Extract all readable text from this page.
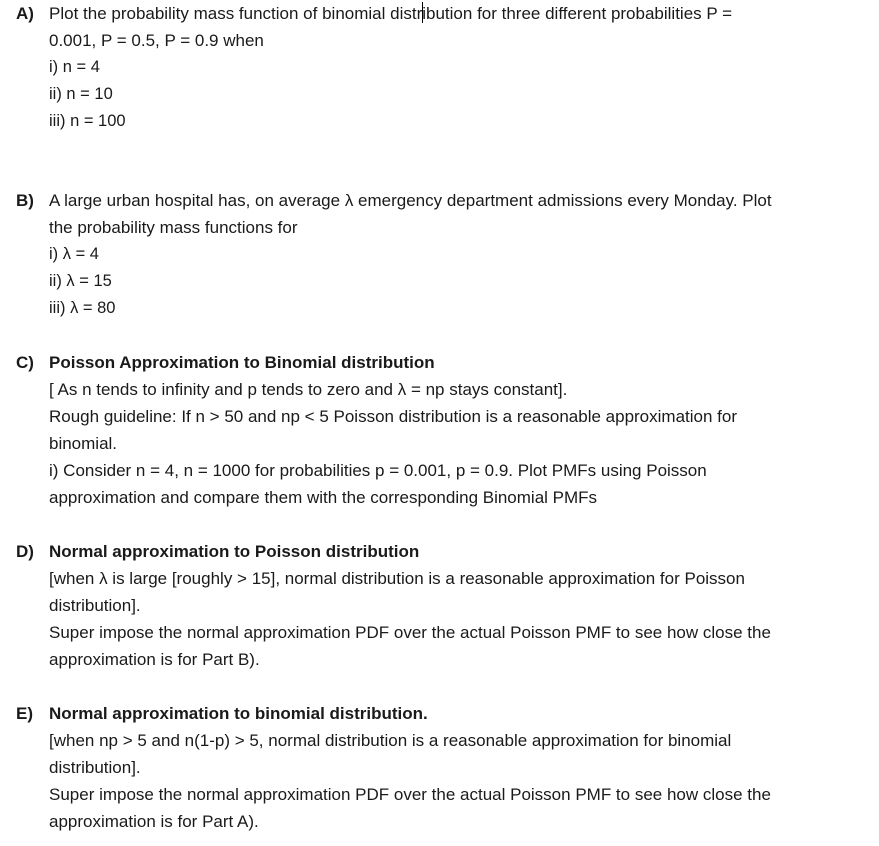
A) Plot the probability mass function of binomial distribution for three different probabilities P =
0.001, P = 0.5, P = 0.9 when
i) n = 4
ii) n = 10
iii) n = 100
B) A large urban hospital has, on average λ emergency department admissions every Monday. Plot
the probability mass functions for
i) λ = 4
ii) λ = 15
iii) λ = 80
C) Poisson Approximation to Binomial distribution
[ As n tends to infinity and p tends to zero and λ = np stays constant].
Rough guideline: If n > 50 and np < 5 Poisson distribution is a reasonable approximation for
binomial.
i) Consider n = 4, n = 1000 for probabilities p = 0.001, p = 0.9. Plot PMFs using Poisson
approximation and compare them with the corresponding Binomial PMFs
D) Normal approximation to Poisson distribution
[when λ is large [roughly > 15], normal distribution is a reasonable approximation for Poisson
distribution].
Super impose the normal approximation PDF over the actual Poisson PMF to see how close the
approximation is for Part B).
E) Normal approximation to binomial distribution.
[when np > 5 and n(1-p) > 5, normal distribution is a reasonable approximation for binomial
distribution].
Super impose the normal approximation PDF over the actual Poisson PMF to see how close the
approximation is for Part A).
